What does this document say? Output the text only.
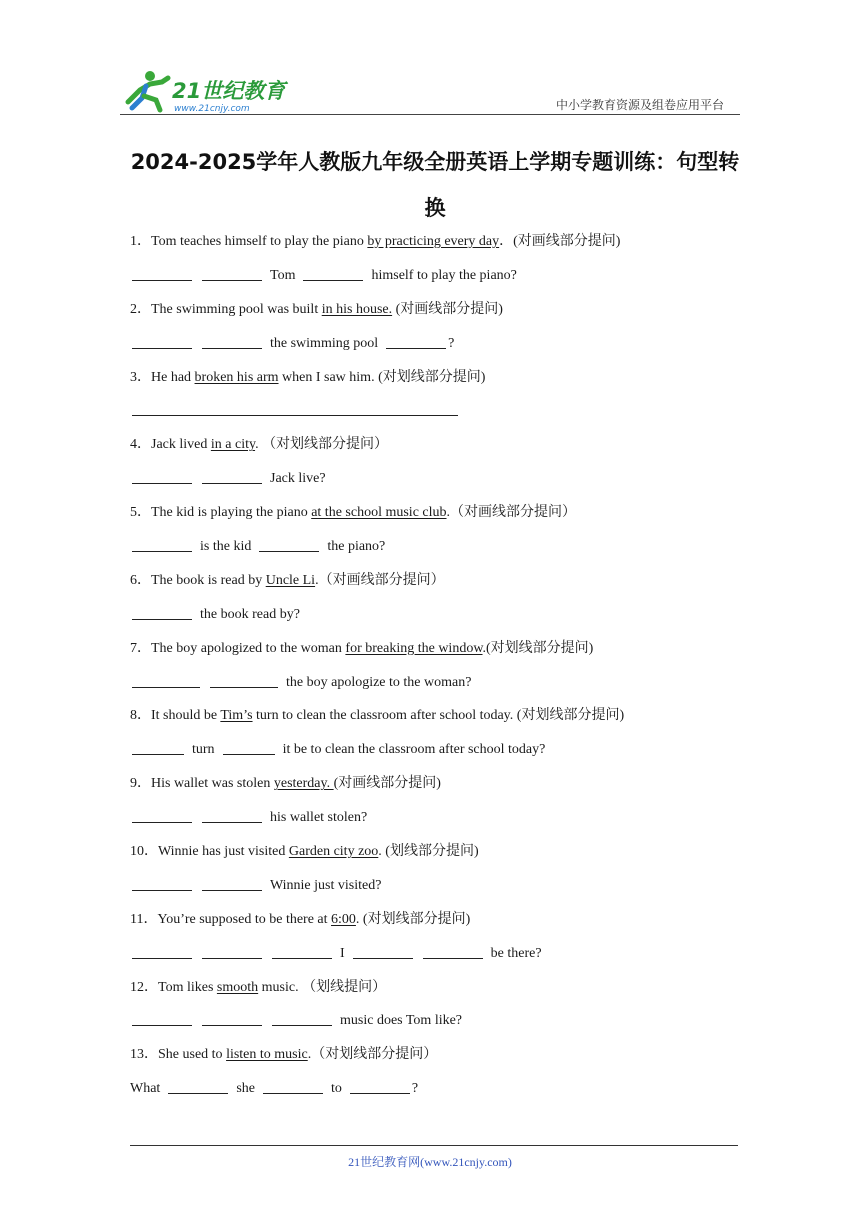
21世纪教育
www.21cnjy.com	中小学教育资源及组卷应用平台
2024-2025学年人教版九年级全册英语上学期专题训练：句型转
换
1．Tom teaches himself to play the piano by practicing every day．(对画线部分提问)
Tom	himself to play the piano?
2．The swimming pool was built in his house. (对画线部分提问)
the swimming pool	?
3．He had broken his arm when I saw him. (对划线部分提问)
4．Jack lived in a city. （对划线部分提问）
Jack live?
5．The kid is playing the piano at the school music club.（对画线部分提问）
is the kid	the piano?
6．The book is read by Uncle Li.（对画线部分提问）
the book read by?
7．The boy apologized to the woman for breaking the window.(对划线部分提问)
the boy apologize to the woman?
8．It should be Tim’s turn to clean the classroom after school today. (对划线部分提问)
turn	it be to clean the classroom after school today?
9．His wallet was stolen yesterday. (对画线部分提问)
his wallet stolen?
10．Winnie has just visited Garden city zoo. (划线部分提问)
Winnie just visited?
11．You’re supposed to be there at 6:00. (对划线部分提问)
I	be there?
12．Tom likes smooth music. （划线提问）
music does Tom like?
13．She used to listen to music.（对划线部分提问）
What	she	to	?
21世纪教育网(www.21cnjy.com)
